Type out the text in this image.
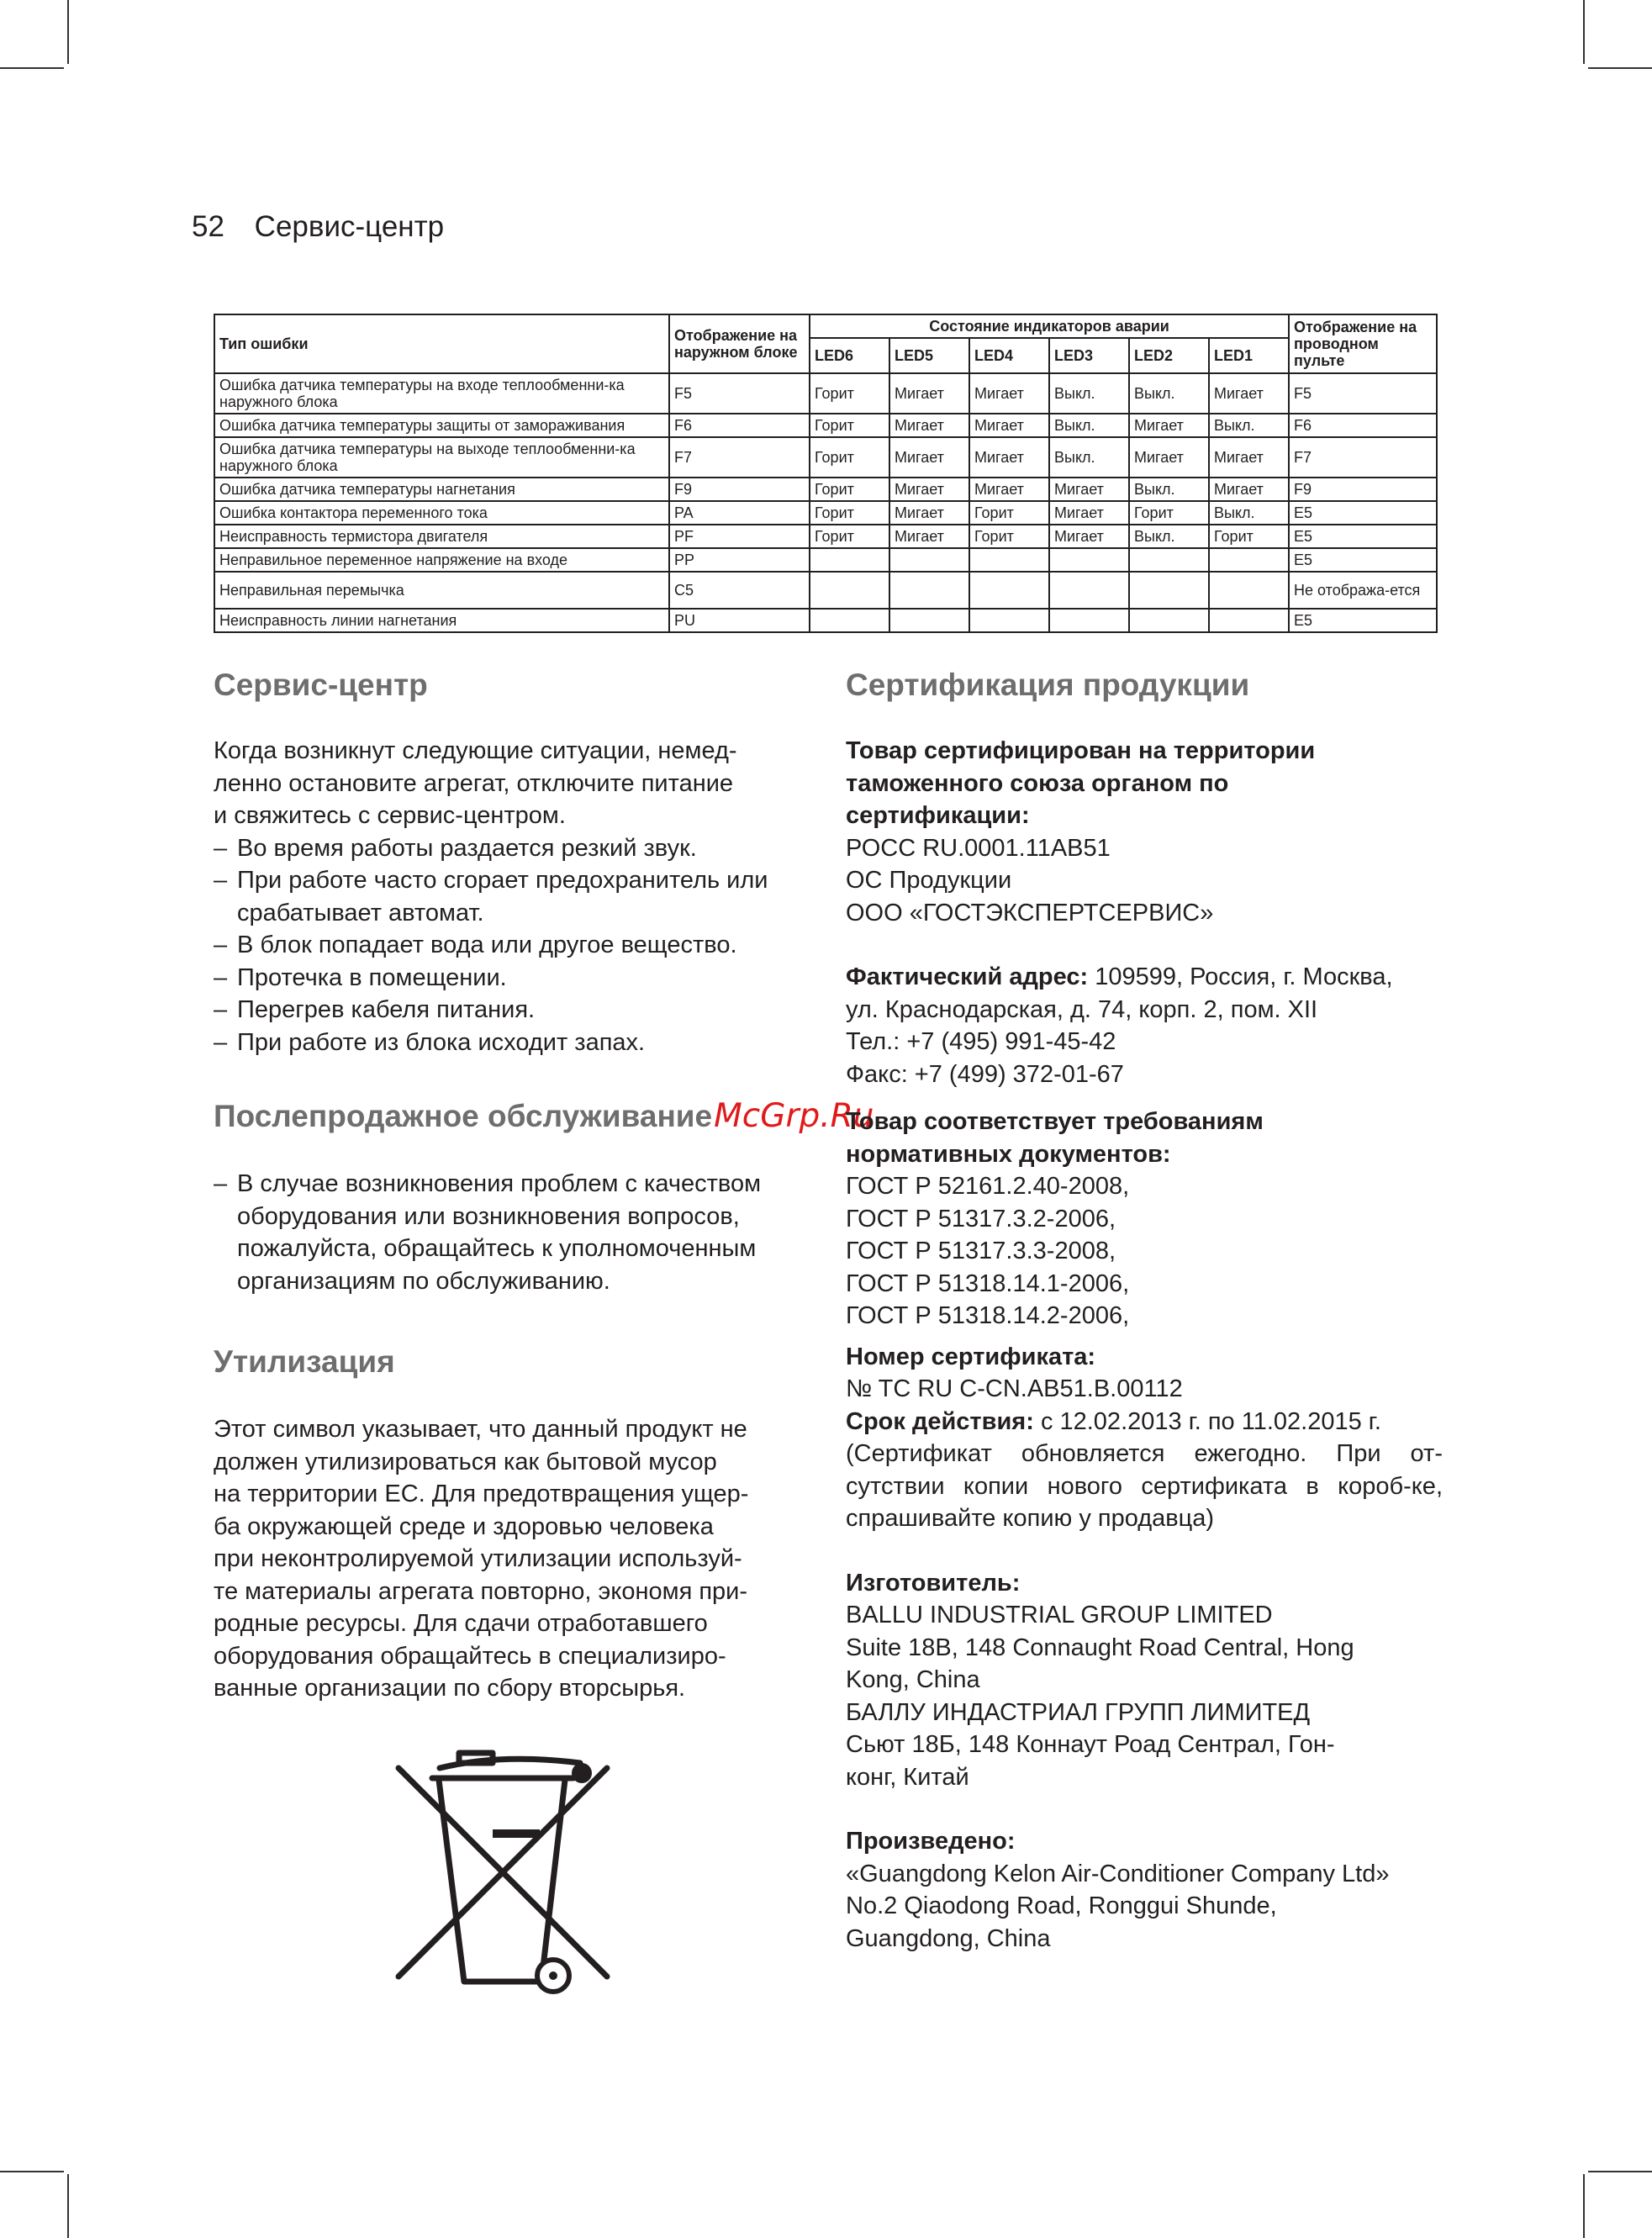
52 Сервис-центр
Тип ошибки	Отображение на наружном блоке	Состояние индикаторов аварии						Отображение на проводном пульте
		LED6	LED5	LED4	LED3	LED2	LED1	
Ошибка датчика температуры на входе теплообменни-ка наружного блока	F5	Горит	Мигает	Мигает	Выкл.	Выкл.	Мигает	F5
Ошибка датчика температуры защиты от замораживания	F6	Горит	Мигает	Мигает	Выкл.	Мигает	Выкл.	F6
Ошибка датчика температуры на выходе теплообменни-ка наружного блока	F7	Горит	Мигает	Мигает	Выкл.	Мигает	Мигает	F7
Ошибка датчика температуры нагнетания	F9	Горит	Мигает	Мигает	Мигает	Выкл.	Мигает	F9
Ошибка контактора переменного тока	PA	Горит	Мигает	Горит	Мигает	Горит	Выкл.	E5
Неисправность термистора двигателя	PF	Горит	Мигает	Горит	Мигает	Выкл.	Горит	E5
Неправильное переменное напряжение на входе	PP							E5
Неправильная перемычка	C5							Не отобража-ется
Неисправность линии нагнетания	PU							E5
Сервис-центр
Когда возникнут следующие ситуации, немед-
ленно остановите агрегат, отключите питание
и свяжитесь с сервис-центром.
– Во время работы раздается резкий звук.
– При работе часто сгорает предохранитель или срабатывает автомат.
– В блок попадает вода или другое вещество.
– Протечка в помещении.
– Перегрев кабеля питания.
– При работе из блока исходит запах.
Послепродажное обслуживаниеMcGrp.Ru
– В случае возникновения проблем с качеством оборудования или возникновения вопросов, пожалуйста, обращайтесь к уполномоченным организациям по обслуживанию.
Утилизация
Этот символ указывает, что данный продукт не
должен утилизироваться как бытовой мусор
на территории ЕС. Для предотвращения ущер-
ба окружающей среде и здоровью человека
при неконтролируемой утилизации используй-
те материалы агрегата повторно, экономя при-
родные ресурсы. Для сдачи отработавшего
оборудования обращайтесь в специализиро-
ванные организации по сбору вторсырья.
Сертификация продукции
Товар сертифицирован на территории
таможенного союза органом по
сертификации:
РОСС RU.0001.11АВ51
ОС Продукции
ООО «ГОСТЭКСПЕРТСЕРВИС»
Фактический адрес: 109599, Россия, г. Москва,
ул. Краснодарская, д. 74, корп. 2, пом. XII
Тел.: +7 (495) 991-45-42
Факс: +7 (499) 372-01-67
Товар соответствует требованиям
нормативных документов:
ГОСТ Р 52161.2.40-2008,
ГОСТ Р 51317.3.2-2006,
ГОСТ Р 51317.3.3-2008,
ГОСТ Р 51318.14.1-2006,
ГОСТ Р 51318.14.2-2006,
Номер сертификата:
№ TC RU C-CN.AB51.B.00112
Срок действия: с 12.02.2013 г. по 11.02.2015 г.

(Сертификат обновляется ежегодно. При от-сутствии копии нового сертификата в короб-ке, спрашивайте копию у продавца)

Изготовитель:
BALLU INDUSTRIAL GROUP LIMITED
Suite 18B, 148 Connaught Road Central, Hong
Kong, China
БАЛЛУ ИНДАСТРИАЛ ГРУПП ЛИМИТЕД
Сьют 18Б, 148 Коннаут Роад Сентрал, Гон-
конг, Китай
Произведено:
«Guangdong Kelon Air-Conditioner Company Ltd»
No.2 Qiaodong Road, Ronggui Shunde,
Guangdong, China
